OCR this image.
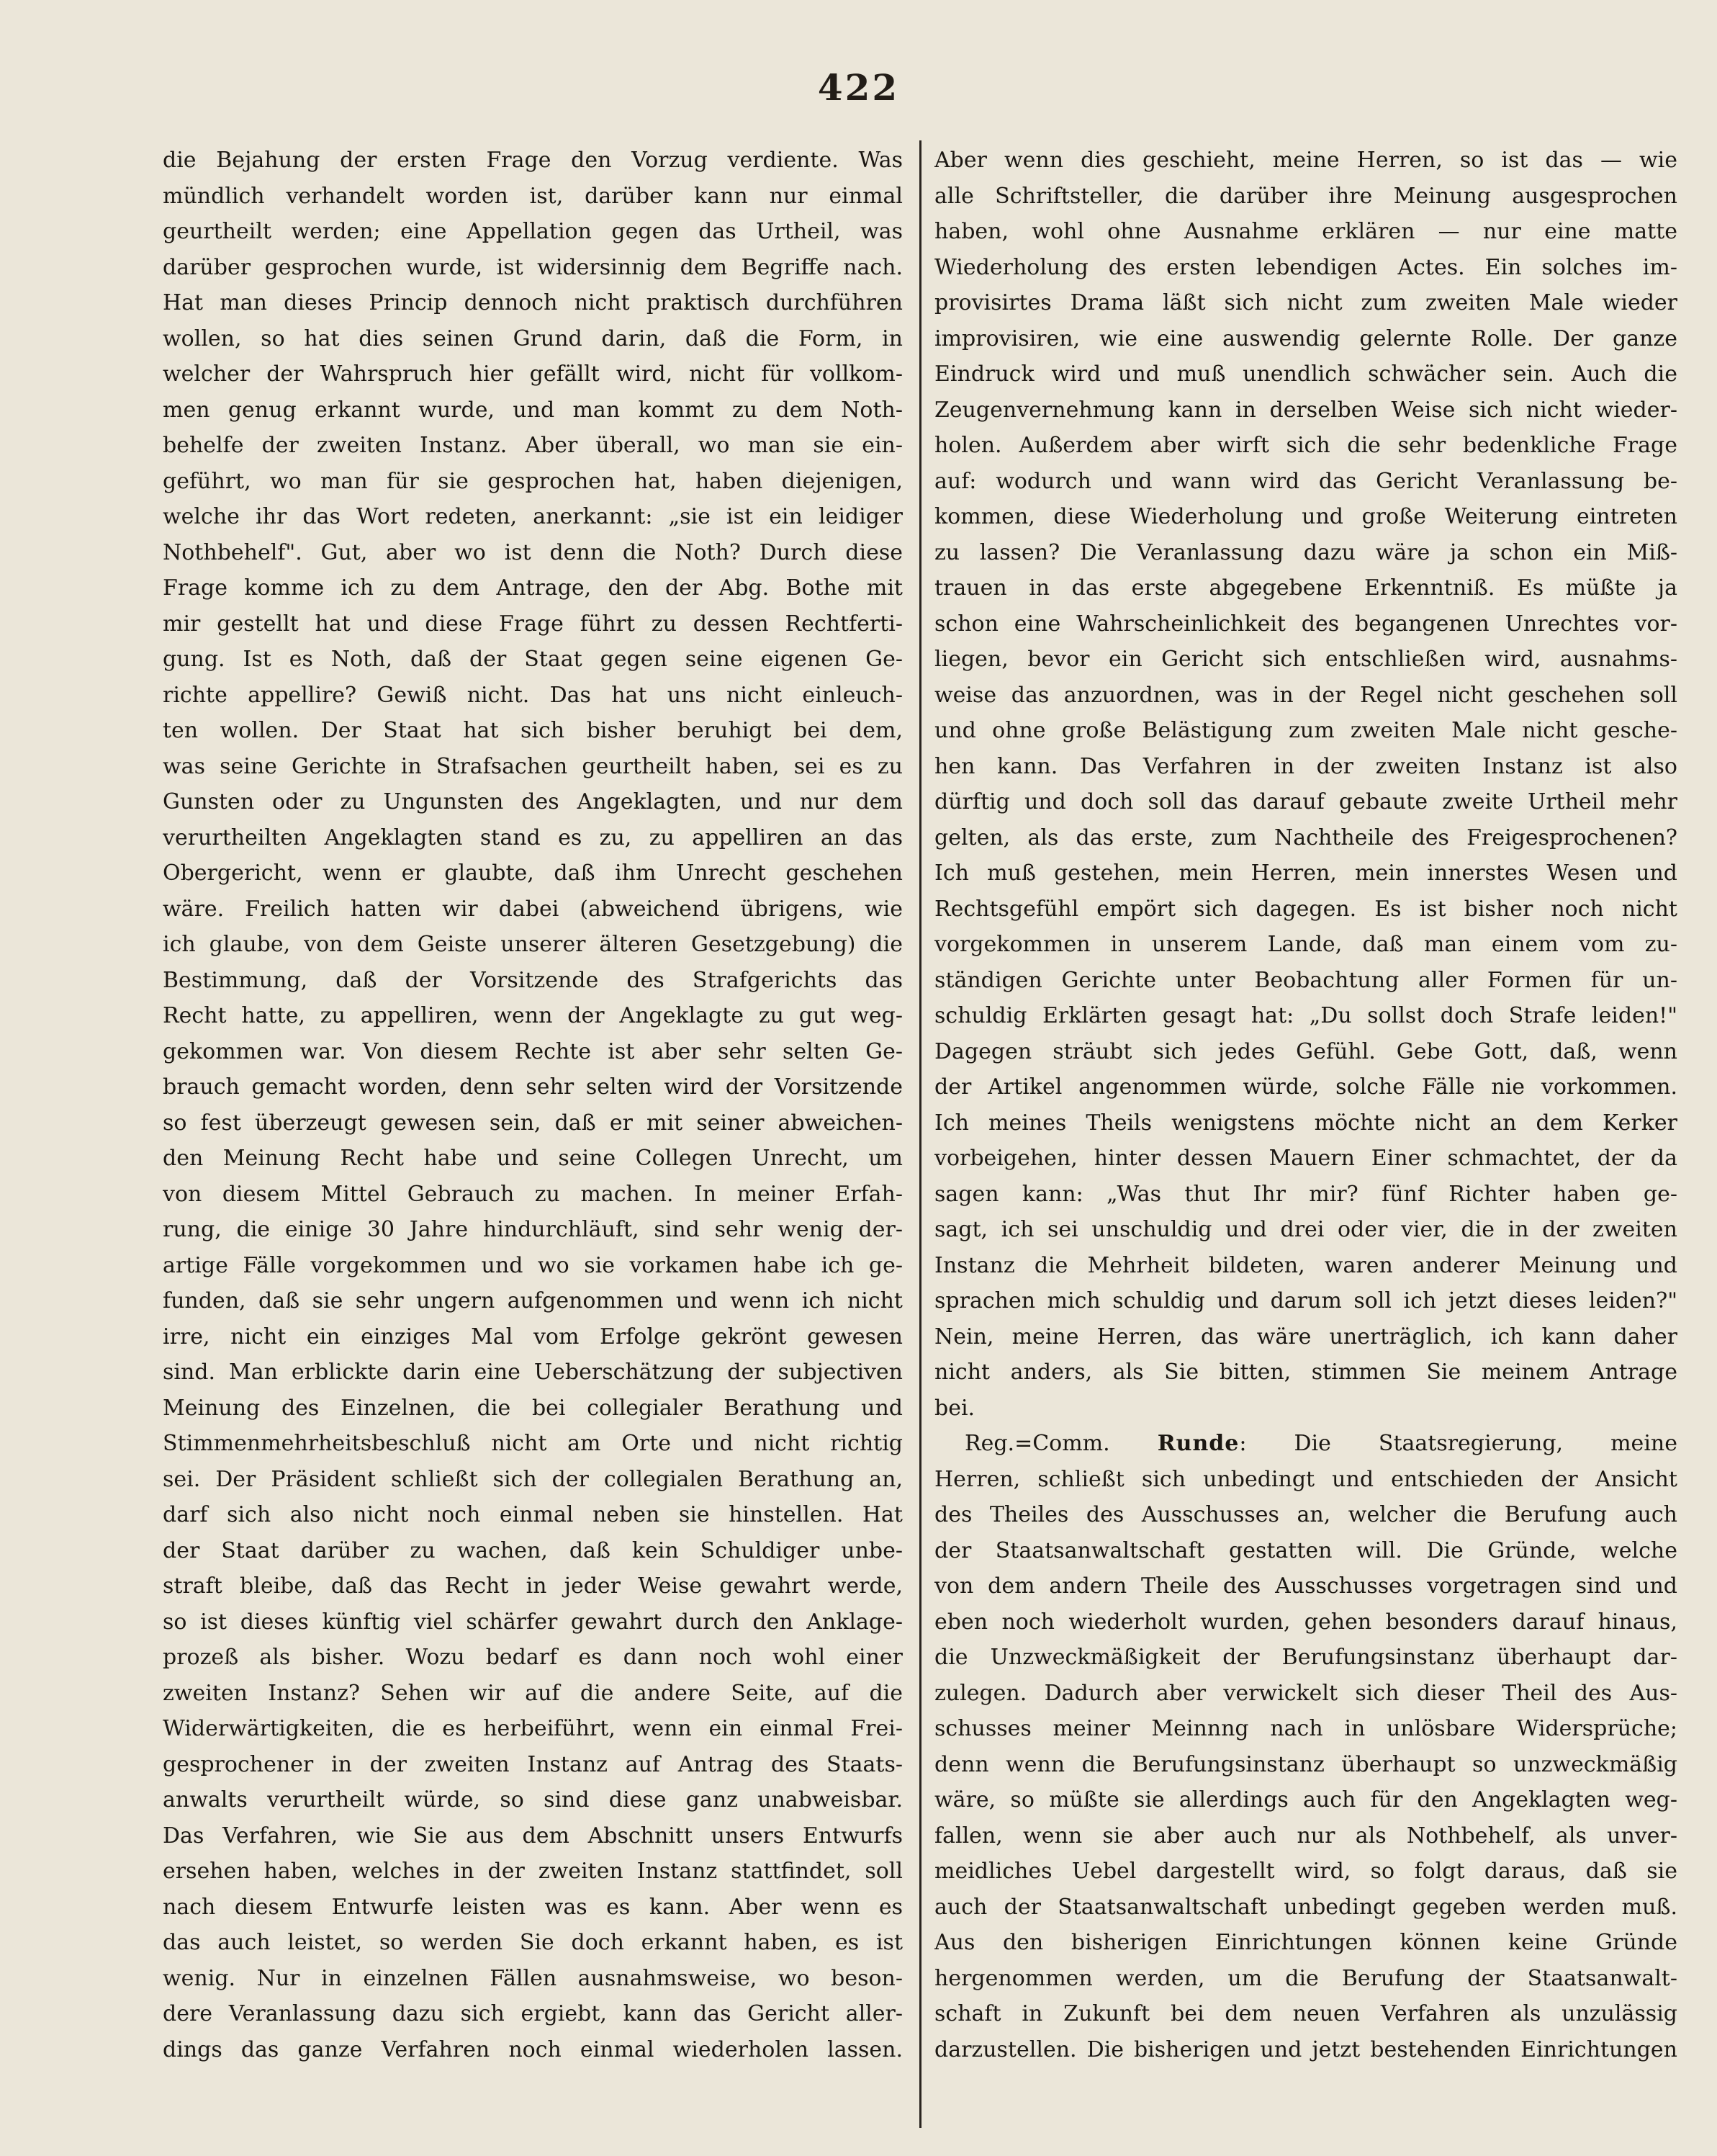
422
die Bejahung der ersten Frage den Vorzug verdiente. Was
mündlich verhandelt worden ist, darüber kann nur einmal
geurtheilt werden; eine Appellation gegen das Urtheil, was
darüber gesprochen wurde, ist widersinnig dem Begriffe nach.
Hat man dieses Princip dennoch nicht praktisch durchführen
wollen, so hat dies seinen Grund darin, daß die Form, in
welcher der Wahrspruch hier gefällt wird, nicht für vollkom-
men genug erkannt wurde, und man kommt zu dem Noth-
behelfe der zweiten Instanz. Aber überall, wo man sie ein-
geführt, wo man für sie gesprochen hat, haben diejenigen,
welche ihr das Wort redeten, anerkannt: „sie ist ein leidiger
Nothbehelf". Gut, aber wo ist denn die Noth? Durch diese
Frage komme ich zu dem Antrage, den der Abg. Bothe mit
mir gestellt hat und diese Frage führt zu dessen Rechtferti-
gung. Ist es Noth, daß der Staat gegen seine eigenen Ge-
richte appellire? Gewiß nicht. Das hat uns nicht einleuch-
ten wollen. Der Staat hat sich bisher beruhigt bei dem,
was seine Gerichte in Strafsachen geurtheilt haben, sei es zu
Gunsten oder zu Ungunsten des Angeklagten, und nur dem
verurtheilten Angeklagten stand es zu, zu appelliren an das
Obergericht, wenn er glaubte, daß ihm Unrecht geschehen
wäre. Freilich hatten wir dabei (abweichend übrigens, wie
ich glaube, von dem Geiste unserer älteren Gesetzgebung) die
Bestimmung, daß der Vorsitzende des Strafgerichts das
Recht hatte, zu appelliren, wenn der Angeklagte zu gut weg-
gekommen war. Von diesem Rechte ist aber sehr selten Ge-
brauch gemacht worden, denn sehr selten wird der Vorsitzende
so fest überzeugt gewesen sein, daß er mit seiner abweichen-
den Meinung Recht habe und seine Collegen Unrecht, um
von diesem Mittel Gebrauch zu machen. In meiner Erfah-
rung, die einige 30 Jahre hindurchläuft, sind sehr wenig der-
artige Fälle vorgekommen und wo sie vorkamen habe ich ge-
funden, daß sie sehr ungern aufgenommen und wenn ich nicht
irre, nicht ein einziges Mal vom Erfolge gekrönt gewesen
sind. Man erblickte darin eine Ueberschätzung der subjectiven
Meinung des Einzelnen, die bei collegialer Berathung und
Stimmenmehrheitsbeschluß nicht am Orte und nicht richtig
sei. Der Präsident schließt sich der collegialen Berathung an,
darf sich also nicht noch einmal neben sie hinstellen. Hat
der Staat darüber zu wachen, daß kein Schuldiger unbe-
straft bleibe, daß das Recht in jeder Weise gewahrt werde,
so ist dieses künftig viel schärfer gewahrt durch den Anklage-
prozeß als bisher. Wozu bedarf es dann noch wohl einer
zweiten Instanz? Sehen wir auf die andere Seite, auf die
Widerwärtigkeiten, die es herbeiführt, wenn ein einmal Frei-
gesprochener in der zweiten Instanz auf Antrag des Staats-
anwalts verurtheilt würde, so sind diese ganz unabweisbar.
Das Verfahren, wie Sie aus dem Abschnitt unsers Entwurfs
ersehen haben, welches in der zweiten Instanz stattfindet, soll
nach diesem Entwurfe leisten was es kann. Aber wenn es
das auch leistet, so werden Sie doch erkannt haben, es ist
wenig. Nur in einzelnen Fällen ausnahmsweise, wo beson-
dere Veranlassung dazu sich ergiebt, kann das Gericht aller-
dings das ganze Verfahren noch einmal wiederholen lassen.
Aber wenn dies geschieht, meine Herren, so ist das — wie
alle Schriftsteller, die darüber ihre Meinung ausgesprochen
haben, wohl ohne Ausnahme erklären — nur eine matte
Wiederholung des ersten lebendigen Actes. Ein solches im-
provisirtes Drama läßt sich nicht zum zweiten Male wieder
improvisiren, wie eine auswendig gelernte Rolle. Der ganze
Eindruck wird und muß unendlich schwächer sein. Auch die
Zeugenvernehmung kann in derselben Weise sich nicht wieder-
holen. Außerdem aber wirft sich die sehr bedenkliche Frage
auf: wodurch und wann wird das Gericht Veranlassung be-
kommen, diese Wiederholung und große Weiterung eintreten
zu lassen? Die Veranlassung dazu wäre ja schon ein Miß-
trauen in das erste abgegebene Erkenntniß. Es müßte ja
schon eine Wahrscheinlichkeit des begangenen Unrechtes vor-
liegen, bevor ein Gericht sich entschließen wird, ausnahms-
weise das anzuordnen, was in der Regel nicht geschehen soll
und ohne große Belästigung zum zweiten Male nicht gesche-
hen kann. Das Verfahren in der zweiten Instanz ist also
dürftig und doch soll das darauf gebaute zweite Urtheil mehr
gelten, als das erste, zum Nachtheile des Freigesprochenen?
Ich muß gestehen, mein Herren, mein innerstes Wesen und
Rechtsgefühl empört sich dagegen. Es ist bisher noch nicht
vorgekommen in unserem Lande, daß man einem vom zu-
ständigen Gerichte unter Beobachtung aller Formen für un-
schuldig Erklärten gesagt hat: „Du sollst doch Strafe leiden!"
Dagegen sträubt sich jedes Gefühl. Gebe Gott, daß, wenn
der Artikel angenommen würde, solche Fälle nie vorkommen.
Ich meines Theils wenigstens möchte nicht an dem Kerker
vorbeigehen, hinter dessen Mauern Einer schmachtet, der da
sagen kann: „Was thut Ihr mir? fünf Richter haben ge-
sagt, ich sei unschuldig und drei oder vier, die in der zweiten
Instanz die Mehrheit bildeten, waren anderer Meinung und
sprachen mich schuldig und darum soll ich jetzt dieses leiden?"
Nein, meine Herren, das wäre unerträglich, ich kann daher
nicht anders, als Sie bitten, stimmen Sie meinem Antrage
bei.
Reg.=Comm. Runde: Die Staatsregierung, meine
Herren, schließt sich unbedingt und entschieden der Ansicht
des Theiles des Ausschusses an, welcher die Berufung auch
der Staatsanwaltschaft gestatten will. Die Gründe, welche
von dem andern Theile des Ausschusses vorgetragen sind und
eben noch wiederholt wurden, gehen besonders darauf hinaus,
die Unzweckmäßigkeit der Berufungsinstanz überhaupt dar-
zulegen. Dadurch aber verwickelt sich dieser Theil des Aus-
schusses meiner Meinnng nach in unlösbare Widersprüche;
denn wenn die Berufungsinstanz überhaupt so unzweckmäßig
wäre, so müßte sie allerdings auch für den Angeklagten weg-
fallen, wenn sie aber auch nur als Nothbehelf, als unver-
meidliches Uebel dargestellt wird, so folgt daraus, daß sie
auch der Staatsanwaltschaft unbedingt gegeben werden muß.
Aus den bisherigen Einrichtungen können keine Gründe
hergenommen werden, um die Berufung der Staatsanwalt-
schaft in Zukunft bei dem neuen Verfahren als unzulässig
darzustellen. Die bisherigen und jetzt bestehenden Einrichtungen
